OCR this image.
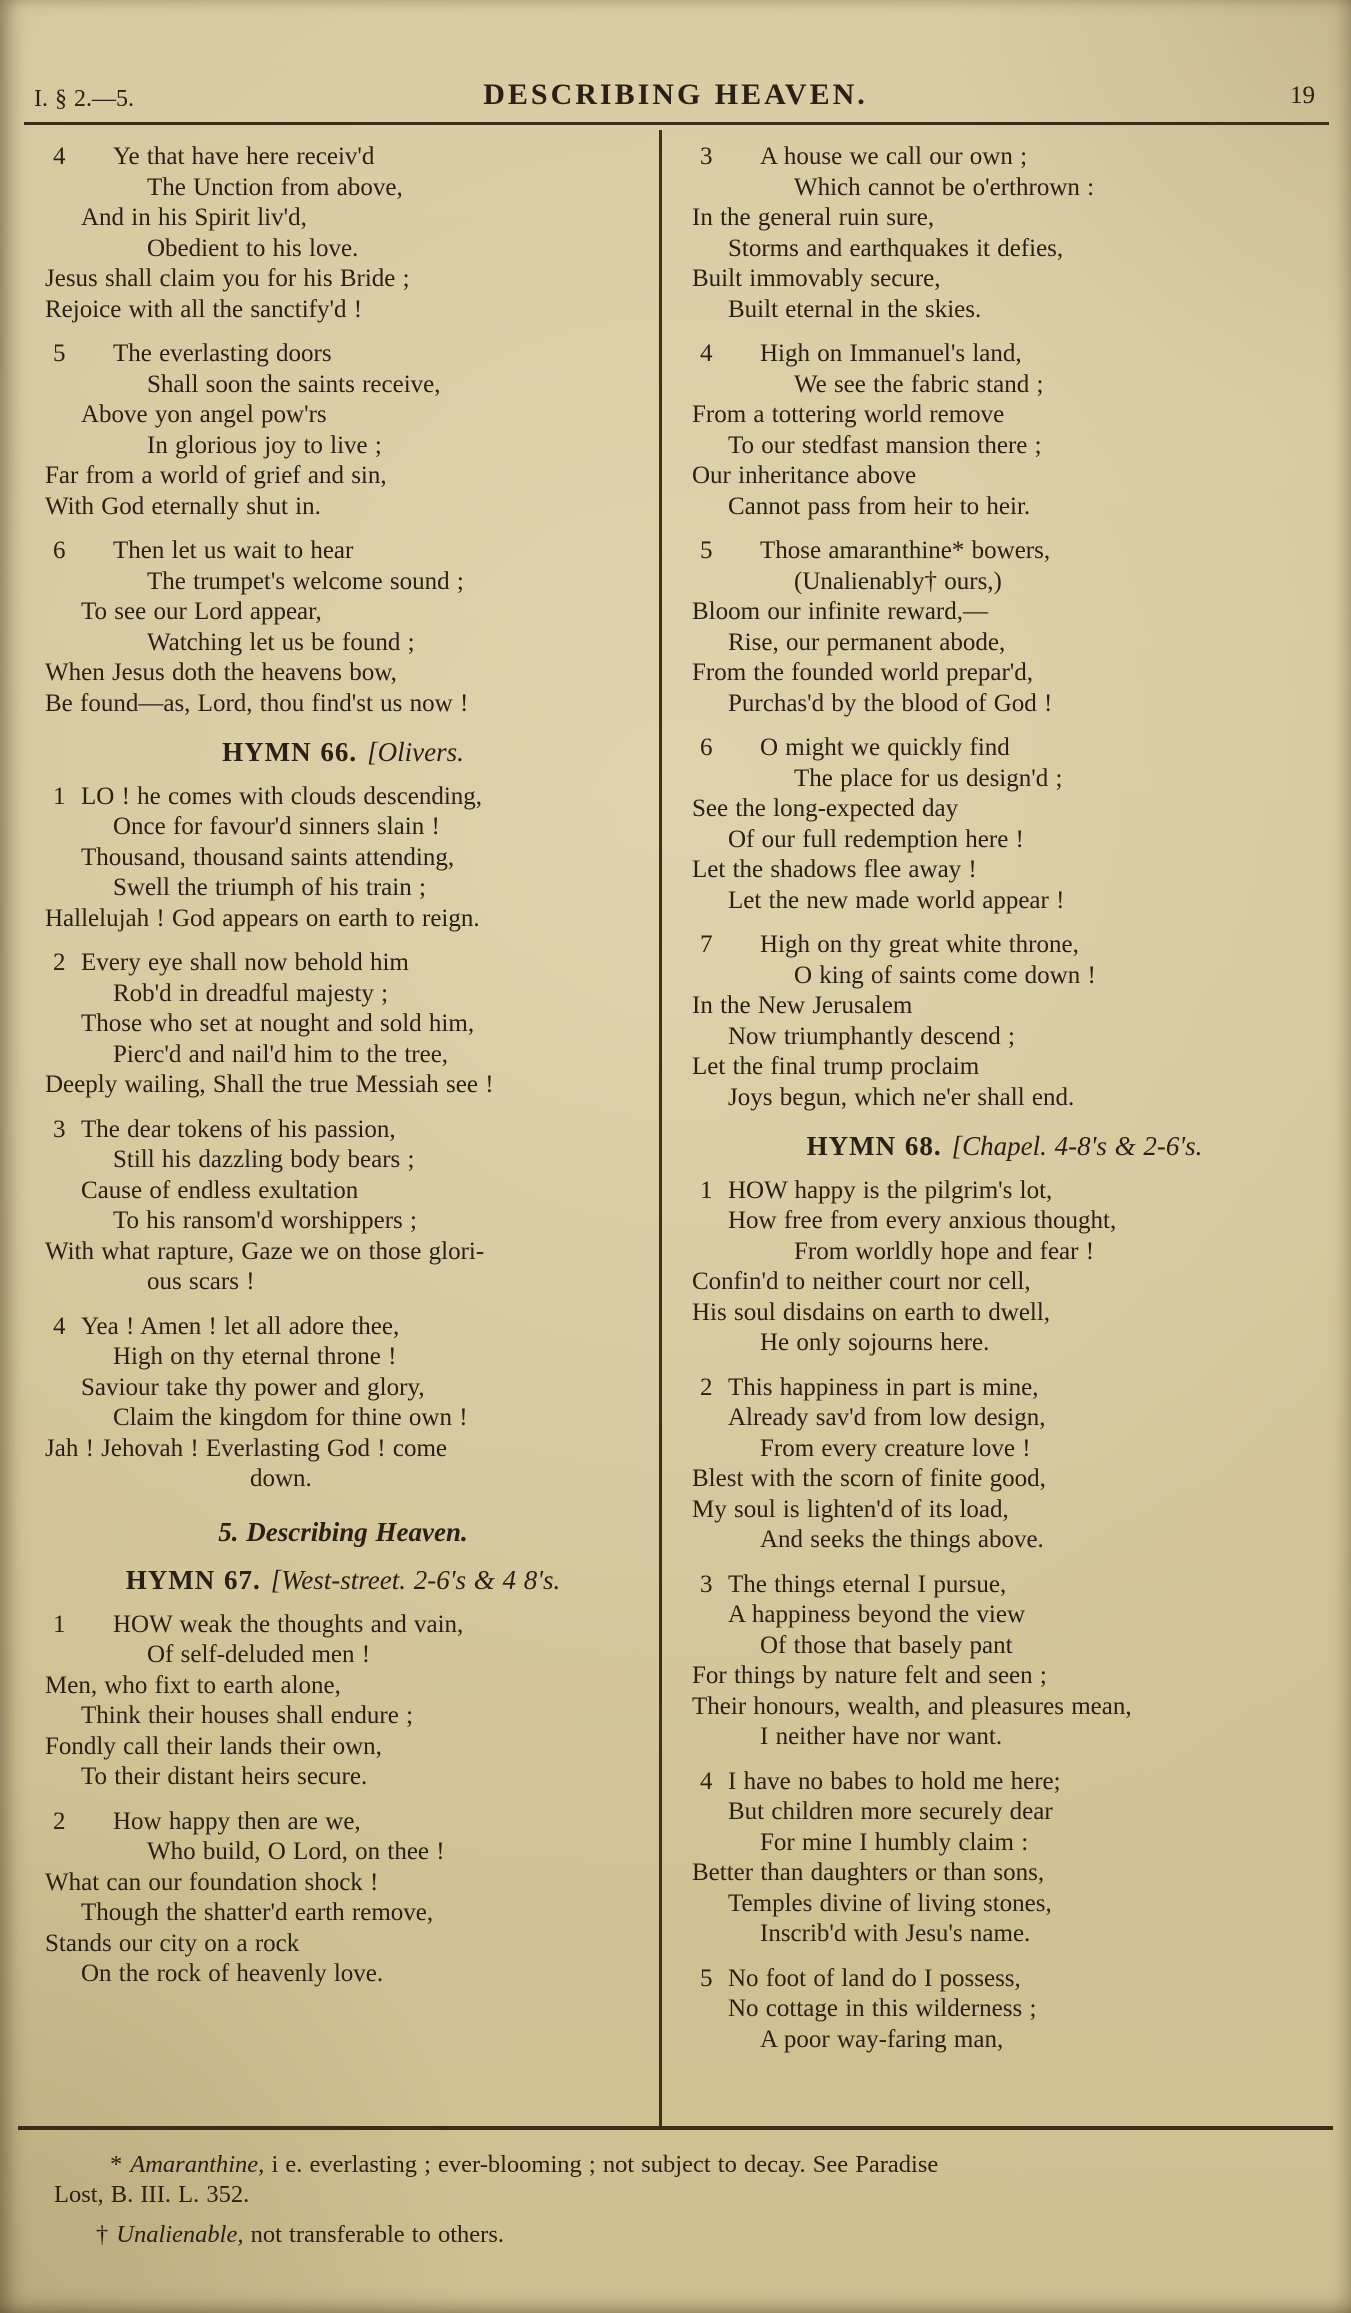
I. § 2.—5.	DESCRIBING HEAVEN.	19
4	Ye that have here receiv'd
The Unction from above,
And in his Spirit liv'd,
Obedient to his love.
Jesus shall claim you for his Bride ;
Rejoice with all the sanctify'd !
5	The everlasting doors
Shall soon the saints receive,
Above yon angel pow'rs
In glorious joy to live ;
Far from a world of grief and sin,
With God eternally shut in.
6	Then let us wait to hear
The trumpet's welcome sound ;
To see our Lord appear,
Watching let us be found ;
When Jesus doth the heavens bow,
Be found—as, Lord, thou find'st us now !
HYMN 66. [Olivers.
1 LO ! he comes with clouds descending,
Once for favour'd sinners slain !
Thousand, thousand saints attending,
Swell the triumph of his train ;
Hallelujah ! God appears on earth to reign.
2 Every eye shall now behold him
Rob'd in dreadful majesty ;
Those who set at nought and sold him,
Pierc'd and nail'd him to the tree,
Deeply wailing, Shall the true Messiah see !
3 The dear tokens of his passion,
Still his dazzling body bears ;
Cause of endless exultation
To his ransom'd worshippers ;
With what rapture, Gaze we on those glori-
ous scars !
4 Yea ! Amen ! let all adore thee,
High on thy eternal throne !
Saviour take thy power and glory,
Claim the kingdom for thine own !
Jah ! Jehovah ! Everlasting God ! come
down.
5. Describing Heaven.
HYMN 67. [West-street. 2-6's & 4 8's.
1	HOW weak the thoughts and vain,
Of self-deluded men !
Men, who fixt to earth alone,
Think their houses shall endure ;
Fondly call their lands their own,
To their distant heirs secure.
2	How happy then are we,
Who build, O Lord, on thee !
What can our foundation shock !
Though the shatter'd earth remove,
Stands our city on a rock
On the rock of heavenly love.
3	A house we call our own ;
Which cannot be o'erthrown :
In the general ruin sure,
Storms and earthquakes it defies,
Built immovably secure,
Built eternal in the skies.
4	High on Immanuel's land,
We see the fabric stand ;
From a tottering world remove
To our stedfast mansion there ;
Our inheritance above
Cannot pass from heir to heir.
5	Those amaranthine* bowers,
(Unalienably† ours,)
Bloom our infinite reward,—
Rise, our permanent abode,
From the founded world prepar'd,
Purchas'd by the blood of God !
6	O might we quickly find
The place for us design'd ;
See the long-expected day
Of our full redemption here !
Let the shadows flee away !
Let the new made world appear !
7	High on thy great white throne,
O king of saints come down !
In the New Jerusalem
Now triumphantly descend ;
Let the final trump proclaim
Joys begun, which ne'er shall end.
HYMN 68. [Chapel. 4-8's & 2-6's.
1 HOW happy is the pilgrim's lot,
How free from every anxious thought,
From worldly hope and fear !
Confin'd to neither court nor cell,
His soul disdains on earth to dwell,
He only sojourns here.
2 This happiness in part is mine,
Already sav'd from low design,
From every creature love !
Blest with the scorn of finite good,
My soul is lighten'd of its load,
And seeks the things above.
3 The things eternal I pursue,
A happiness beyond the view
Of those that basely pant
For things by nature felt and seen ;
Their honours, wealth, and pleasures mean,
I neither have nor want.
4 I have no babes to hold me here;
But children more securely dear
For mine I humbly claim :
Better than daughters or than sons,
Temples divine of living stones,
Inscrib'd with Jesu's name.
5 No foot of land do I possess,
No cottage in this wilderness ;
A poor way-faring man,
* Amaranthine, i e. everlasting ; ever-blooming ; not subject to decay. See Paradise
Lost, B. III. L. 352.
† Unalienable, not transferable to others.
